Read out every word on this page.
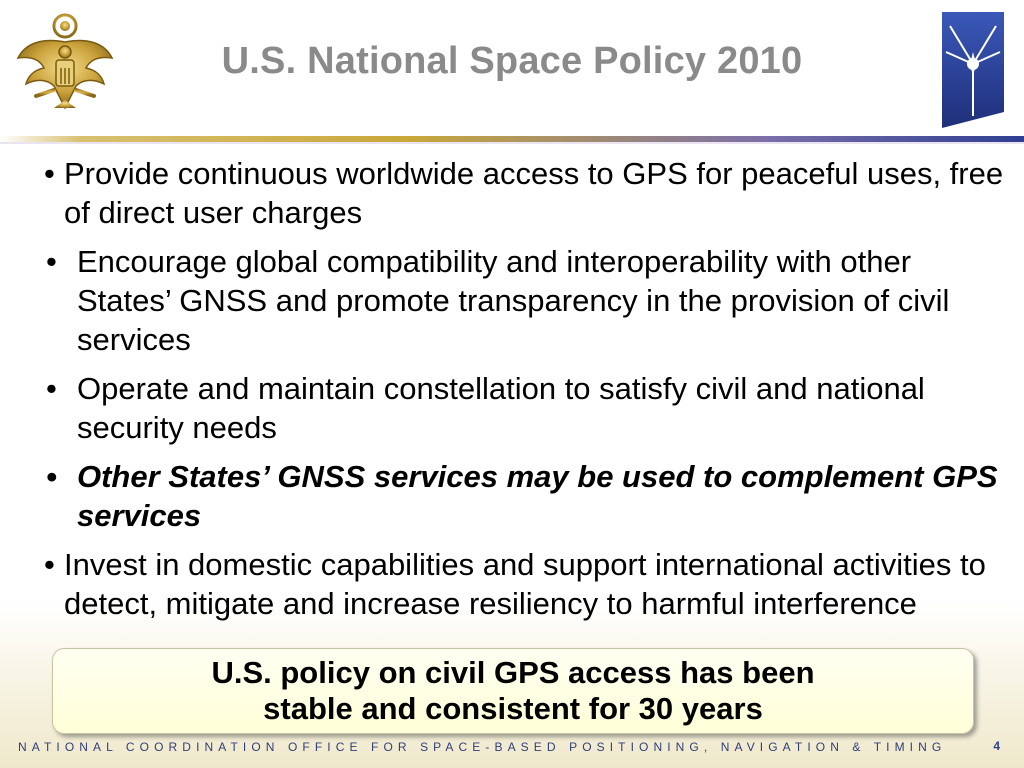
U.S. National Space Policy 2010
• Provide continuous worldwide access to GPS for peaceful uses, free of direct user charges
• Encourage global compatibility and interoperability with other States’ GNSS and promote transparency in the provision of civil services
• Operate and maintain constellation to satisfy civil and national security needs
• Other States’ GNSS services may be used to complement GPS services
• Invest in domestic capabilities and support international activities to detect, mitigate and increase resiliency to harmful interference
U.S. policy on civil GPS access has been
stable and consistent for 30 years
NATIONAL COORDINATION OFFICE FOR SPACE-BASED POSITIONING, NAVIGATION & TIMING	4
